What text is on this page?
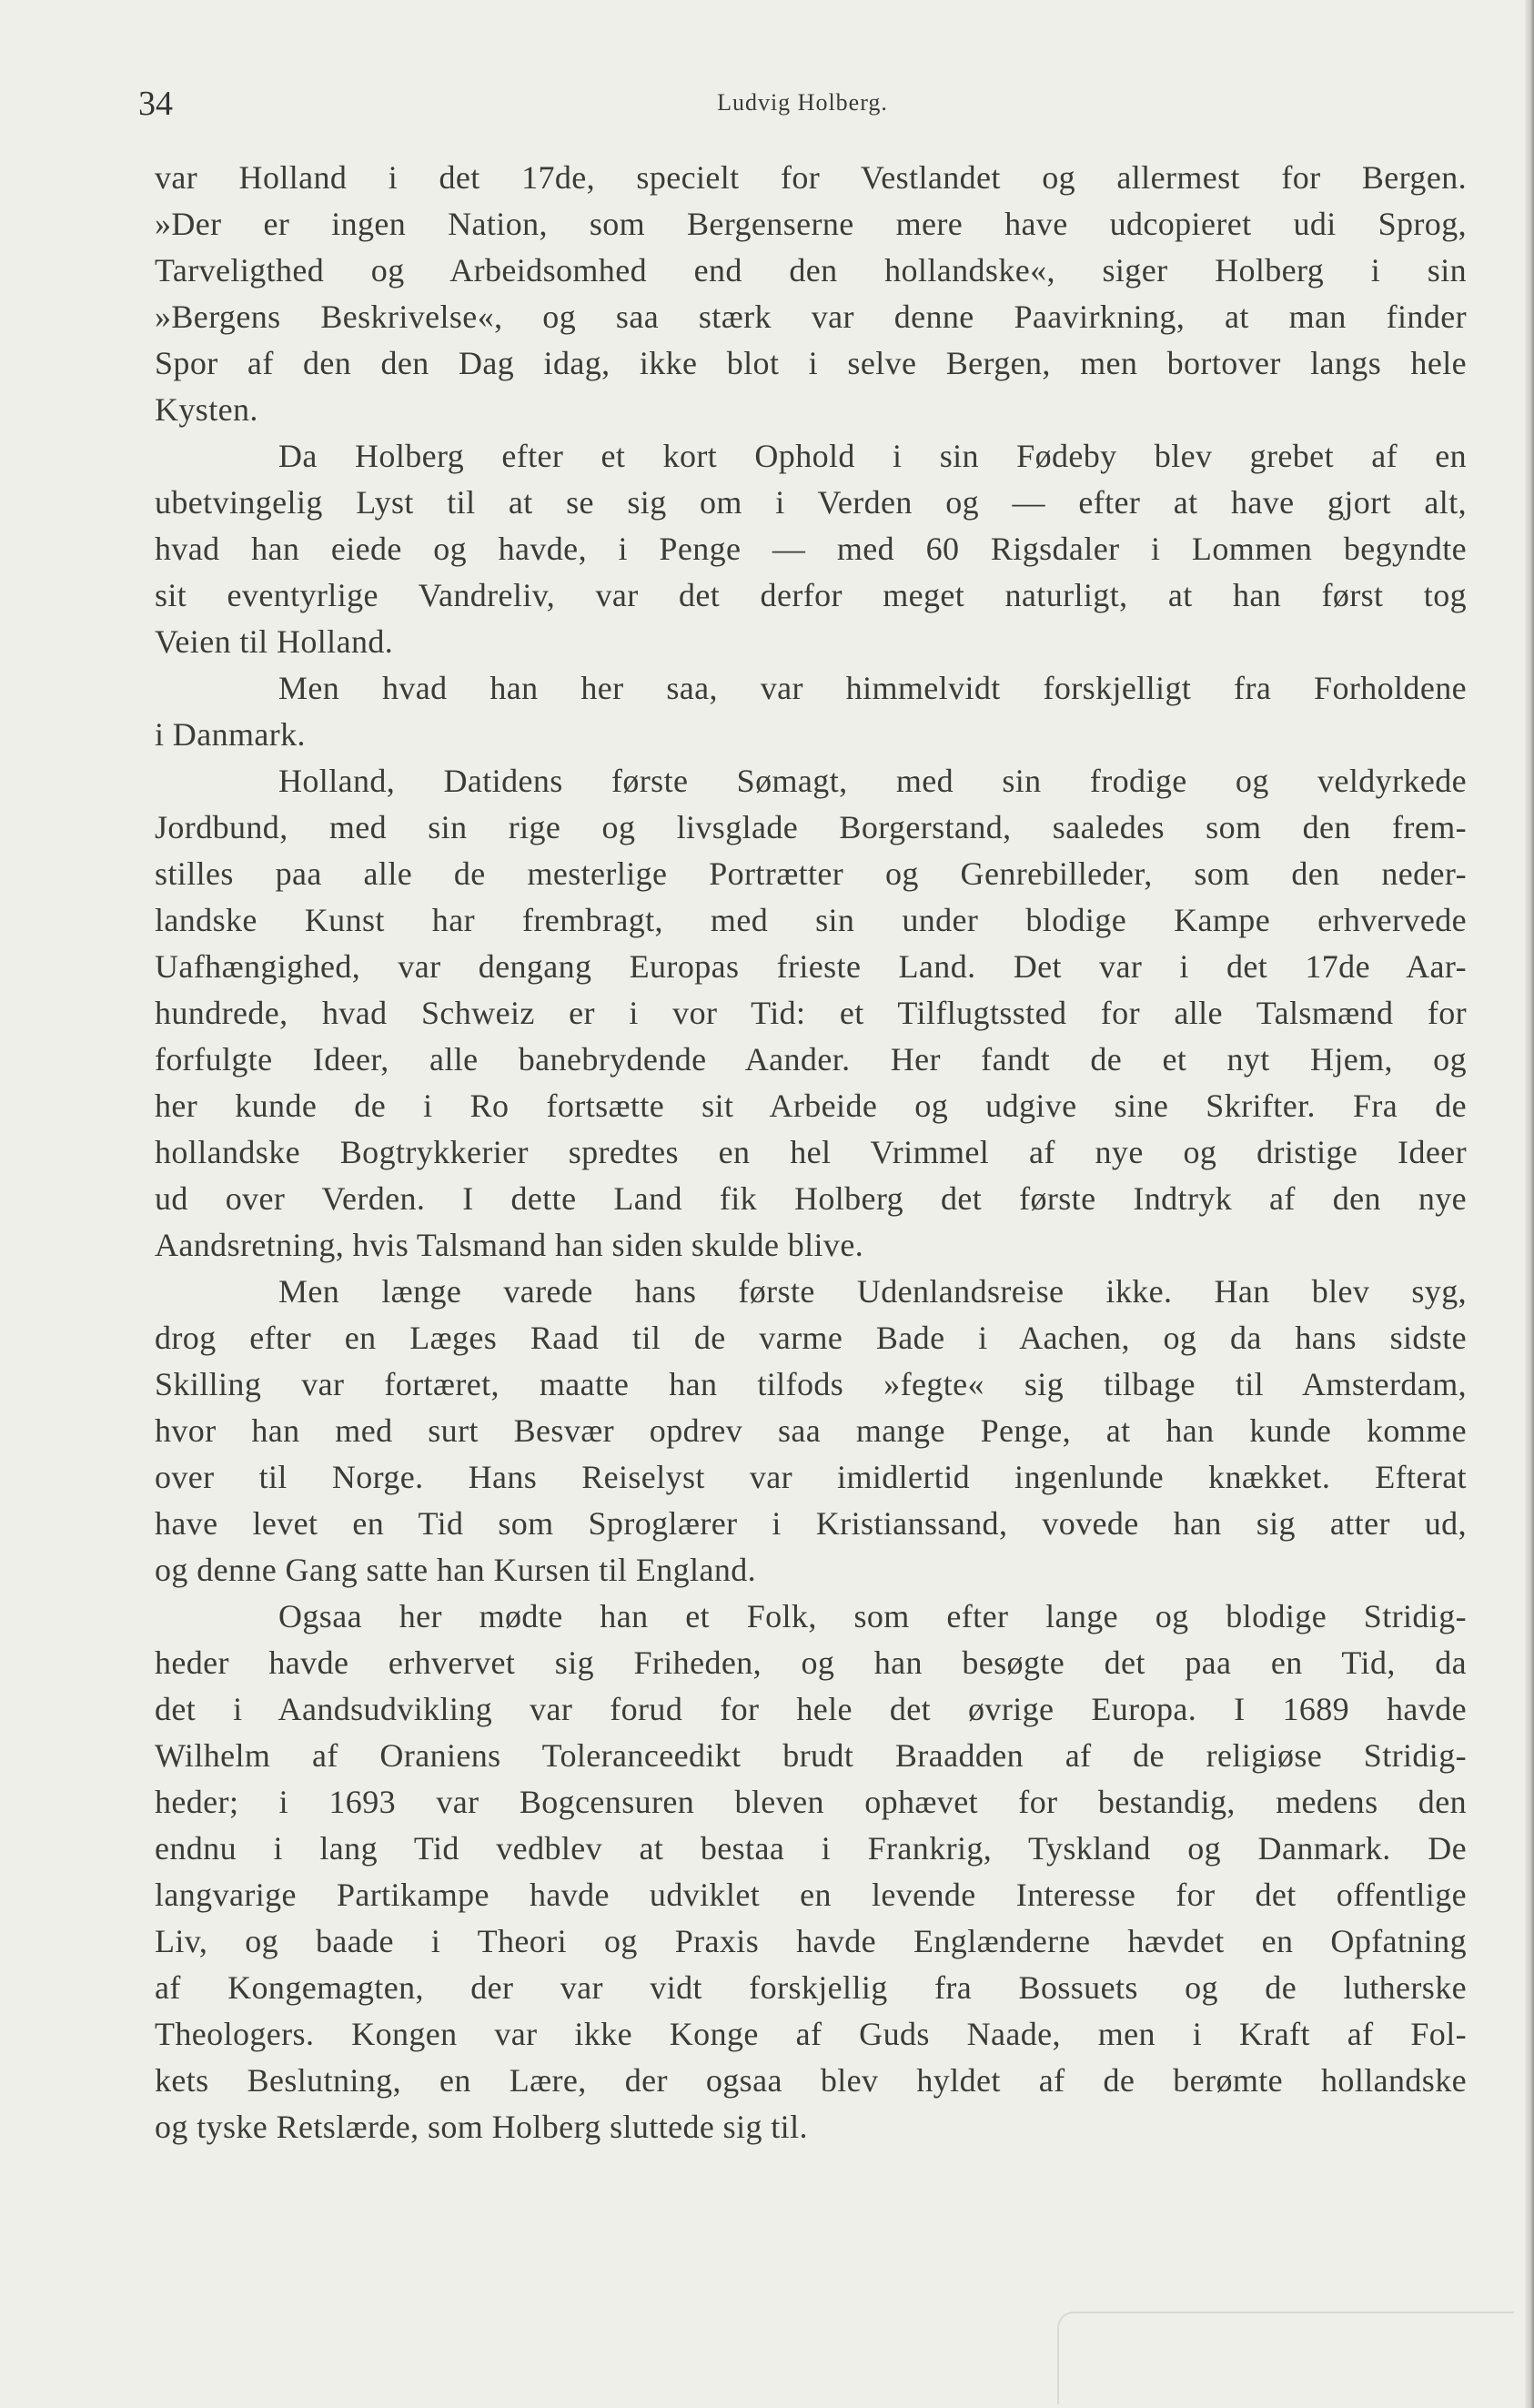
34	Ludvig Holberg.
var Holland i det 17de, specielt for Vestlandet og allermest for Bergen.
»Der er ingen Nation, som Bergenserne mere have udcopieret udi Sprog,
Tarveligthed og Arbeidsomhed end den hollandske«, siger Holberg i sin
»Bergens Beskrivelse«, og saa stærk var denne Paavirkning, at man finder
Spor af den den Dag idag, ikke blot i selve Bergen, men bortover langs hele
Kysten.
Da Holberg efter et kort Ophold i sin Fødeby blev grebet af en
ubetvingelig Lyst til at se sig om i Verden og — efter at have gjort alt,
hvad han eiede og havde, i Penge — med 60 Rigsdaler i Lommen begyndte
sit eventyrlige Vandreliv, var det derfor meget naturligt, at han først tog
Veien til Holland.
Men hvad han her saa, var himmelvidt forskjelligt fra Forholdene
i Danmark.
Holland, Datidens første Sømagt, med sin frodige og veldyrkede
Jordbund, med sin rige og livsglade Borgerstand, saaledes som den frem-
stilles paa alle de mesterlige Portrætter og Genrebilleder, som den neder-
landske Kunst har frembragt, med sin under blodige Kampe erhvervede
Uafhængighed, var dengang Europas frieste Land. Det var i det 17de Aar-
hundrede, hvad Schweiz er i vor Tid: et Tilflugtssted for alle Talsmænd for
forfulgte Ideer, alle banebrydende Aander. Her fandt de et nyt Hjem, og
her kunde de i Ro fortsætte sit Arbeide og udgive sine Skrifter. Fra de
hollandske Bogtrykkerier spredtes en hel Vrimmel af nye og dristige Ideer
ud over Verden. I dette Land fik Holberg det første Indtryk af den nye
Aandsretning, hvis Talsmand han siden skulde blive.
Men længe varede hans første Udenlandsreise ikke. Han blev syg,
drog efter en Læges Raad til de varme Bade i Aachen, og da hans sidste
Skilling var fortæret, maatte han tilfods »fegte« sig tilbage til Amsterdam,
hvor han med surt Besvær opdrev saa mange Penge, at han kunde komme
over til Norge. Hans Reiselyst var imidlertid ingenlunde knækket. Efterat
have levet en Tid som Sproglærer i Kristianssand, vovede han sig atter ud,
og denne Gang satte han Kursen til England.
Ogsaa her mødte han et Folk, som efter lange og blodige Stridig-
heder havde erhvervet sig Friheden, og han besøgte det paa en Tid, da
det i Aandsudvikling var forud for hele det øvrige Europa. I 1689 havde
Wilhelm af Oraniens Toleranceedikt brudt Braadden af de religiøse Stridig-
heder; i 1693 var Bogcensuren bleven ophævet for bestandig, medens den
endnu i lang Tid vedblev at bestaa i Frankrig, Tyskland og Danmark. De
langvarige Partikampe havde udviklet en levende Interesse for det offentlige
Liv, og baade i Theori og Praxis havde Englænderne hævdet en Opfatning
af Kongemagten, der var vidt forskjellig fra Bossuets og de lutherske
Theologers. Kongen var ikke Konge af Guds Naade, men i Kraft af Fol-
kets Beslutning, en Lære, der ogsaa blev hyldet af de berømte hollandske
og tyske Retslærde, som Holberg sluttede sig til.
